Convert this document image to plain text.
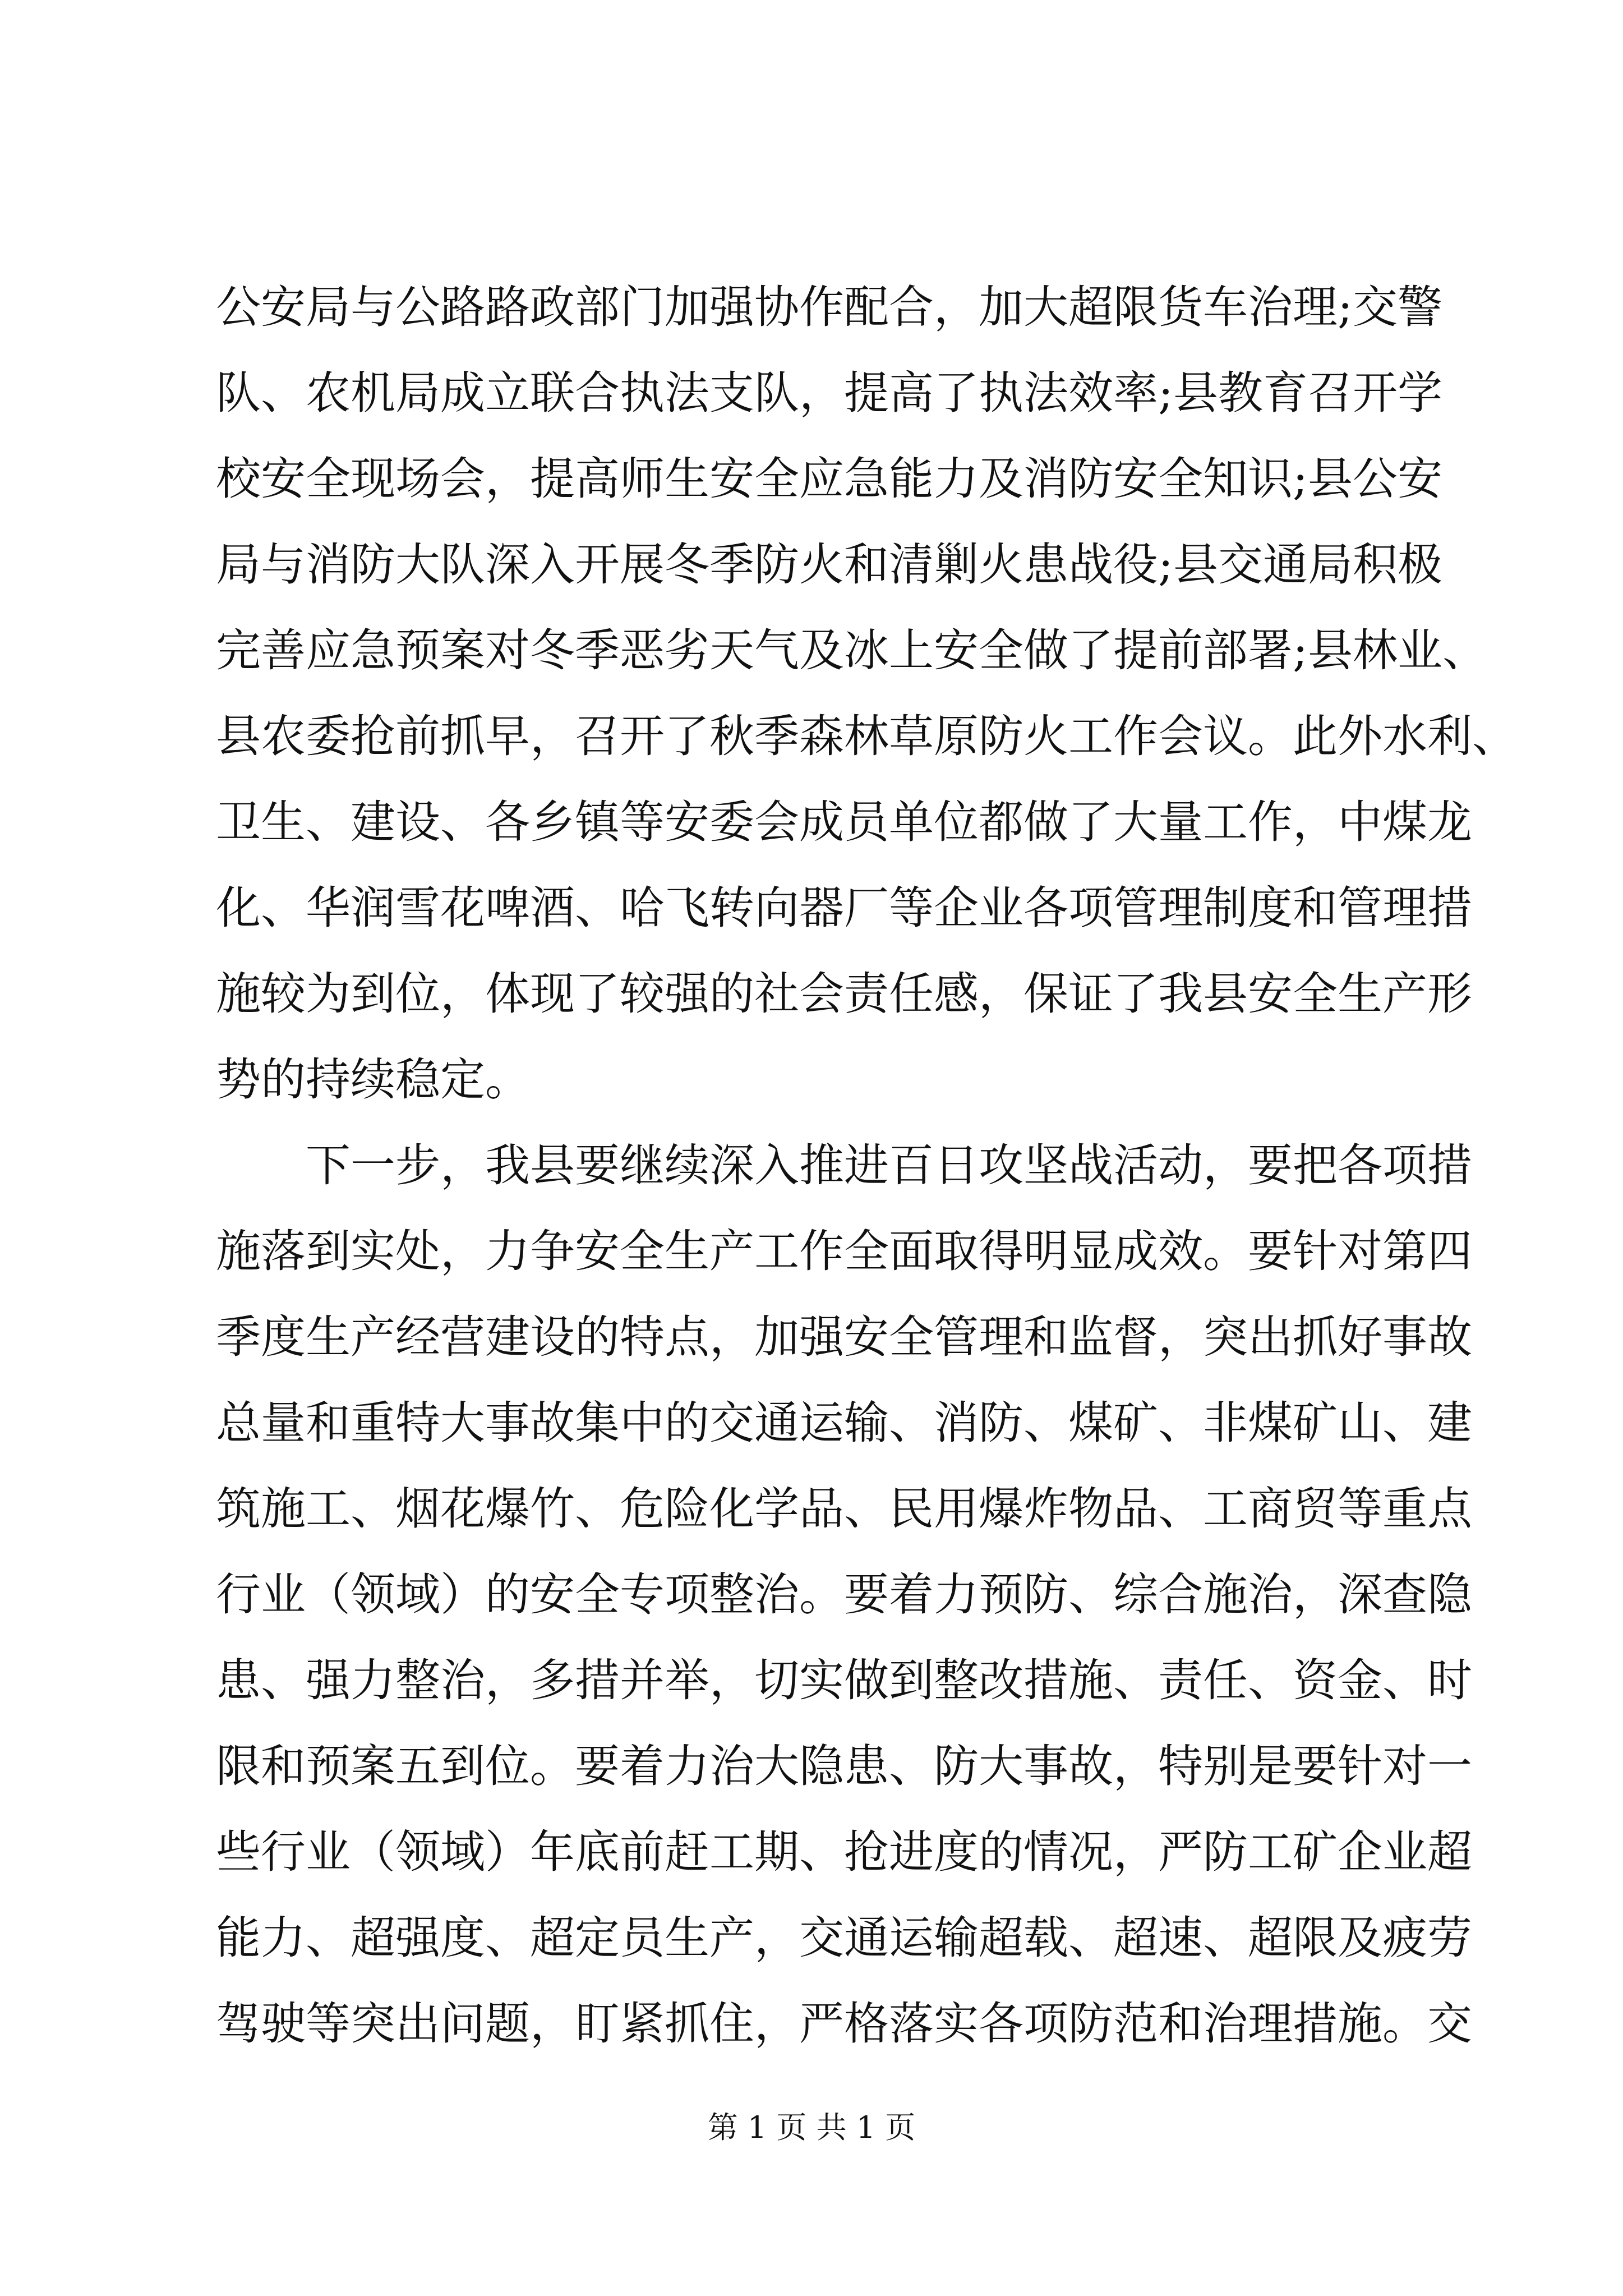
公安局与公路路政部门加强协作配合，加大超限货车治理;交警
队、农机局成立联合执法支队，提高了执法效率;县教育召开学
校安全现场会，提高师生安全应急能力及消防安全知识;县公安
局与消防大队深入开展冬季防火和清剿火患战役;县交通局积极
完善应急预案对冬季恶劣天气及冰上安全做了提前部署;县林业、
县农委抢前抓早，召开了秋季森林草原防火工作会议。此外水利、
卫生、建设、各乡镇等安委会成员单位都做了大量工作，中煤龙
化、华润雪花啤酒、哈飞转向器厂等企业各项管理制度和管理措
施较为到位，体现了较强的社会责任感，保证了我县安全生产形
势的持续稳定。
下一步，我县要继续深入推进百日攻坚战活动，要把各项措
施落到实处，力争安全生产工作全面取得明显成效。要针对第四
季度生产经营建设的特点，加强安全管理和监督，突出抓好事故
总量和重特大事故集中的交通运输、消防、煤矿、非煤矿山、建
筑施工、烟花爆竹、危险化学品、民用爆炸物品、工商贸等重点
行业（领域）的安全专项整治。要着力预防、综合施治，深查隐
患、强力整治，多措并举，切实做到整改措施、责任、资金、时
限和预案五到位。要着力治大隐患、防大事故，特别是要针对一
些行业（领域）年底前赶工期、抢进度的情况，严防工矿企业超
能力、超强度、超定员生产，交通运输超载、超速、超限及疲劳
驾驶等突出问题，盯紧抓住，严格落实各项防范和治理措施。交
第 1 页 共 1 页
